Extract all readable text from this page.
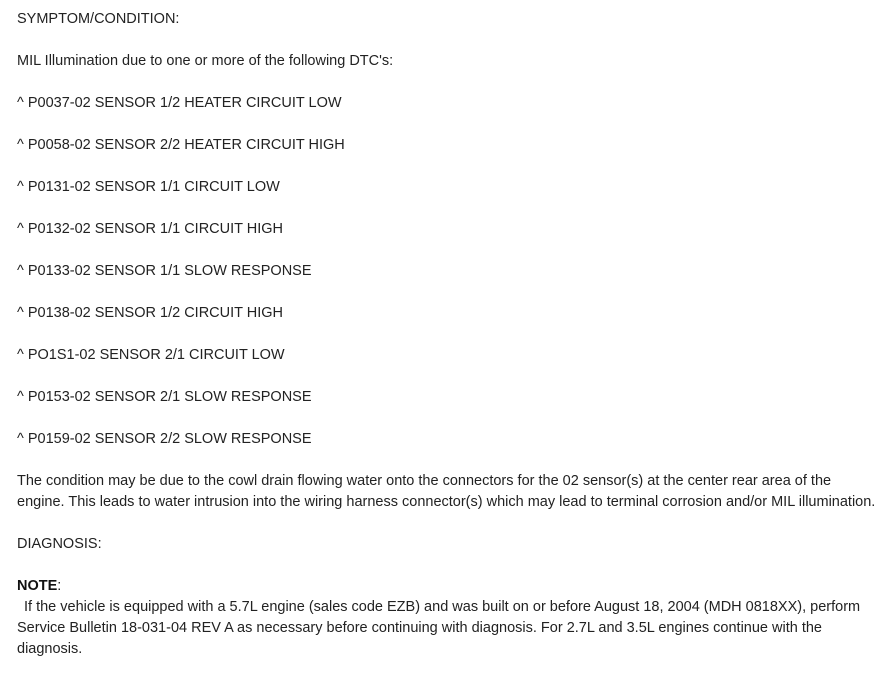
SYMPTOM/CONDITION:
MIL Illumination due to one or more of the following DTC's:
^ P0037-02 SENSOR 1/2 HEATER CIRCUIT LOW
^ P0058-02 SENSOR 2/2 HEATER CIRCUIT HIGH
^ P0131-02 SENSOR 1/1 CIRCUIT LOW
^ P0132-02 SENSOR 1/1 CIRCUIT HIGH
^ P0133-02 SENSOR 1/1 SLOW RESPONSE
^ P0138-02 SENSOR 1/2 CIRCUIT HIGH
^ PO1S1-02 SENSOR 2/1 CIRCUIT LOW
^ P0153-02 SENSOR 2/1 SLOW RESPONSE
^ P0159-02 SENSOR 2/2 SLOW RESPONSE
The condition may be due to the cowl drain flowing water onto the connectors for the 02 sensor(s) at the center rear area of the engine. This leads to water intrusion into the wiring harness connector(s) which may lead to terminal corrosion and/or MIL illumination.
DIAGNOSIS:
NOTE:
If the vehicle is equipped with a 5.7L engine (sales code EZB) and was built on or before August 18, 2004 (MDH 0818XX), perform Service Bulletin 18-031-04 REV A as necessary before continuing with diagnosis. For 2.7L and 3.5L engines continue with the diagnosis.
